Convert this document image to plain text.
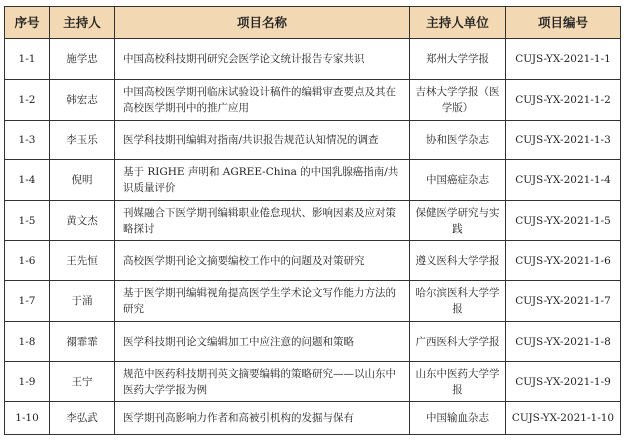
序号	主持人	项目名称	主持人单位	项目编号
1-1	施学忠	中国高校科技期刊研究会医学论文统计报告专家共识	郑州大学学报	CUJS-YX-2021-1-1
1-2	韩宏志	中国高校医学期刊临床试验设计稿件的编辑审查要点及其在高校医学期刊中的推广应用	吉林大学学报（医学版）	CUJS-YX-2021-1-2
1-3	李玉乐	医学科技期刊编辑对指南/共识报告规范认知情况的调查	协和医学杂志	CUJS-YX-2021-1-3
1-4	倪明	基于 RIGHE 声明和 AGREE-China 的中国乳腺癌指南/共识质量评价	中国癌症杂志	CUJS-YX-2021-1-4
1-5	黄文杰	刊媒融合下医学期刊编辑职业倦怠现状、影响因素及应对策略探讨	保健医学研究与实践	CUJS-YX-2021-1-5
1-6	王先恒	高校医学期刊论文摘要编校工作中的问题及对策研究	遵义医科大学学报	CUJS-YX-2021-1-6
1-7	于涌	基于医学期刊编辑视角提高医学生学术论文写作能力方法的研究	哈尔滨医科大学学报	CUJS-YX-2021-1-7
1-8	禤霏霏	医学科技期刊论文编辑加工中应注意的问题和策略	广西医科大学学报	CUJS-YX-2021-1-8
1-9	王宁	规范中医药科技期刊英文摘要编辑的策略研究——以山东中医药大学学报为例	山东中医药大学学报	CUJS-YX-2021-1-9
1-10	李弘武	医学期刊高影响力作者和高被引机构的发掘与保有	中国输血杂志	CUJS-YX-2021-1-10
